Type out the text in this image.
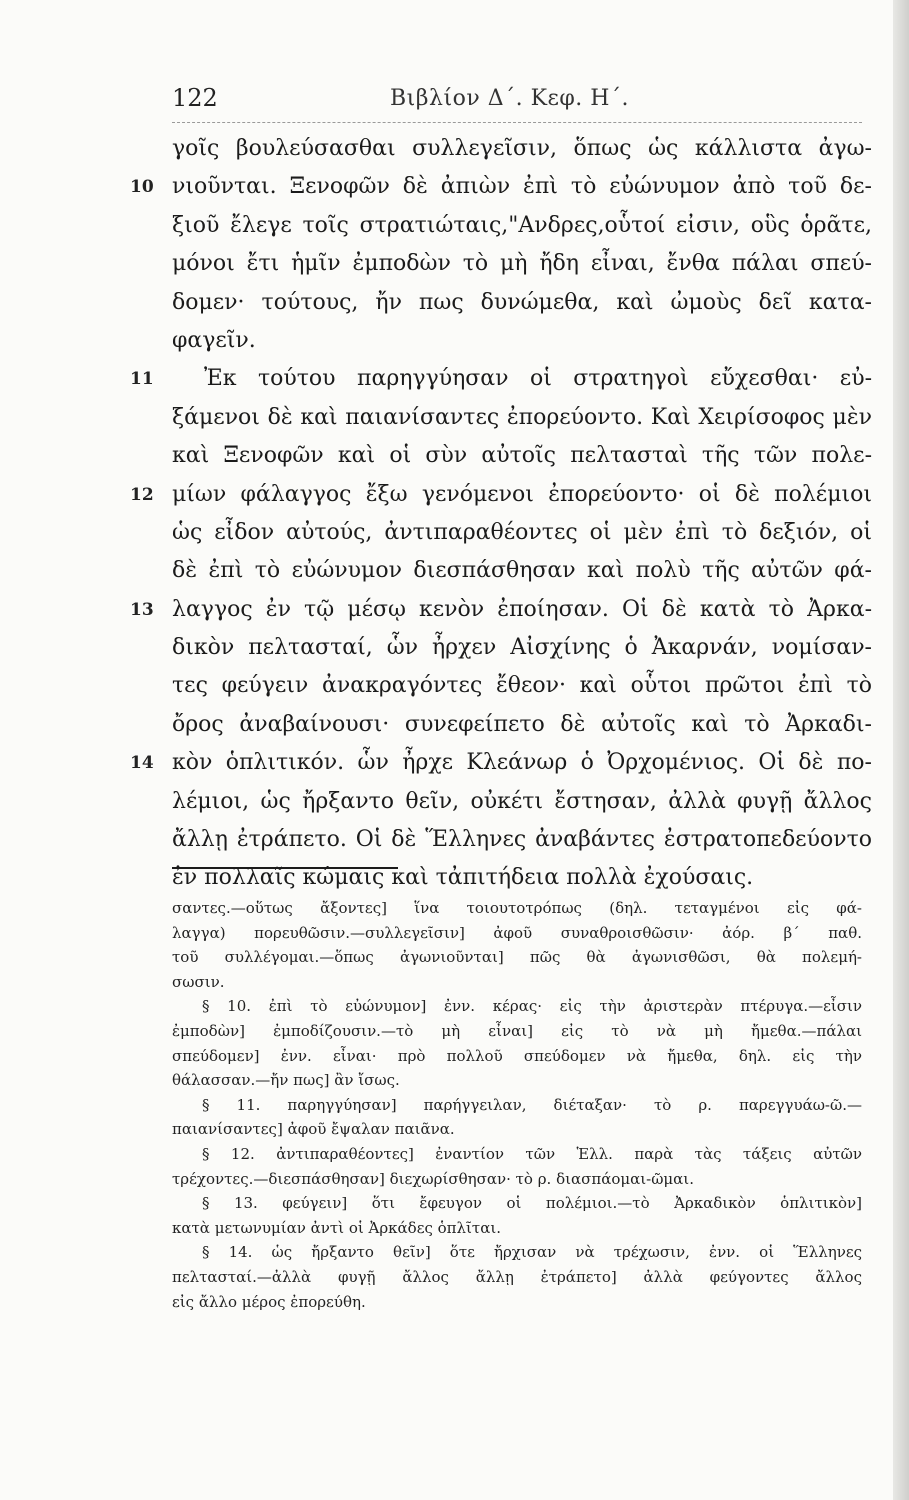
122	Βιβλίον Δ΄. Κεφ. Η΄.
γοῖς βουλεύσασθαι συλλεγεῖσιν, ὅπως ὡς κάλλιστα ἀγω-
10 νιοῦνται. Ξενοφῶν δὲ ἀπιὼν ἐπὶ τὸ εὐώνυμον ἀπὸ τοῦ δε-
ξιοῦ ἔλεγε τοῖς στρατιώταις,"Ανδρες,οὗτοί εἰσιν, οὓς ὁρᾶτε,
μόνοι ἔτι ἡμῖν ἐμποδὼν τὸ μὴ ἤδη εἶναι, ἔνθα πάλαι σπεύ-
δομεν· τούτους, ἤν πως δυνώμεθα, καὶ ὠμοὺς δεῖ κατα-
φαγεῖν.
11	Ἐκ τούτου παρηγγύησαν οἱ στρατηγοὶ εὔχεσθαι· εὐ-
ξάμενοι δὲ καὶ παιανίσαντες ἐπορεύοντο. Καὶ Χειρίσοφος μὲν
καὶ Ξενοφῶν καὶ οἱ σὺν αὐτοῖς πελτασταὶ τῆς τῶν πολε-
12 μίων φάλαγγος ἔξω γενόμενοι ἐπορεύοντο· οἱ δὲ πολέμιοι
ὡς εἶδον αὐτούς, ἀντιπαραθέοντες οἱ μὲν ἐπὶ τὸ δεξιόν, οἱ
δὲ ἐπὶ τὸ εὐώνυμον διεσπάσθησαν καὶ πολὺ τῆς αὐτῶν φά-
13 λαγγος ἐν τῷ μέσῳ κενὸν ἐποίησαν. Οἱ δὲ κατὰ τὸ Ἀρκα-
δικὸν πελτασταί, ὧν ἦρχεν Αἰσχίνης ὁ Ἀκαρνάν, νομίσαν-
τες φεύγειν ἀνακραγόντες ἔθεον· καὶ οὗτοι πρῶτοι ἐπὶ τὸ
ὄρος ἀναβαίνουσι· συνεφείπετο δὲ αὐτοῖς καὶ τὸ Ἀρκαδι-
14 κὸν ὁπλιτικόν. ὧν ἦρχε Κλεάνωρ ὁ Ὀρχομένιος. Οἱ δὲ πο-
λέμιοι, ὡς ἤρξαντο θεῖν, οὐκέτι ἔστησαν, ἀλλὰ φυγῇ ἄλλος
ἄλλῃ ἐτράπετο. Οἱ δὲ Ἕλληνες ἀναβάντες ἐστρατοπεδεύοντο
ἐν πολλαῖς κώμαις καὶ τἀπιτήδεια πολλὰ ἐχούσαις.
σαντες.—οὕτως ἄξοντες] ἵνα τοιουτοτρόπως (δηλ. τεταγμένοι εἰς φά-
λαγγα) πορευθῶσιν.—συλλεγεῖσιν] ἀφοῦ συναθροισθῶσιν· ἀόρ. β΄ παθ.
τοῦ συλλέγομαι.—ὅπως ἀγωνιοῦνται] πῶς θὰ ἀγωνισθῶσι, θὰ πολεμή-
σωσιν.
§ 10. ἐπὶ τὸ εὐώνυμον] ἐνν. κέρας· εἰς τὴν ἀριστερὰν πτέρυγα.—εἶσιν
ἐμποδὼν] ἐμποδίζουσιν.—τὸ μὴ εἶναι] εἰς τὸ νὰ μὴ ἤμεθα.—πάλαι
σπεύδομεν] ἐνν. εἶναι· πρὸ πολλοῦ σπεύδομεν νὰ ἤμεθα, δηλ. εἰς τὴν
θάλασσαν.—ἤν πως] ἂν ἴσως.
§ 11. παρηγγύησαν] παρήγγειλαν, διέταξαν· τὸ ρ. παρεγγυάω-ῶ.—
παιανίσαντες] ἀφοῦ ἔψαλαν παιᾶνα.
§ 12. ἀντιπαραθέοντες] ἐναντίον τῶν Ἑλλ. παρὰ τὰς τάξεις αὐτῶν
τρέχοντες.—διεσπάσθησαν] διεχωρίσθησαν· τὸ ρ. διασπάομαι-ῶμαι.
§ 13. φεύγειν] ὅτι ἔφευγον οἱ πολέμιοι.—τὸ Ἀρκαδικὸν ὁπλιτικὸν]
κατὰ μετωνυμίαν ἀντὶ οἱ Ἀρκάδες ὁπλῖται.
§ 14. ὡς ἤρξαντο θεῖν] ὅτε ἤρχισαν νὰ τρέχωσιν, ἐνν. οἱ Ἕλληνες
πελτασταί.—ἀλλὰ φυγῇ ἄλλος ἄλλῃ ἐτράπετο] ἀλλὰ φεύγοντες ἄλλος
εἰς ἄλλο μέρος ἐπορεύθη.
